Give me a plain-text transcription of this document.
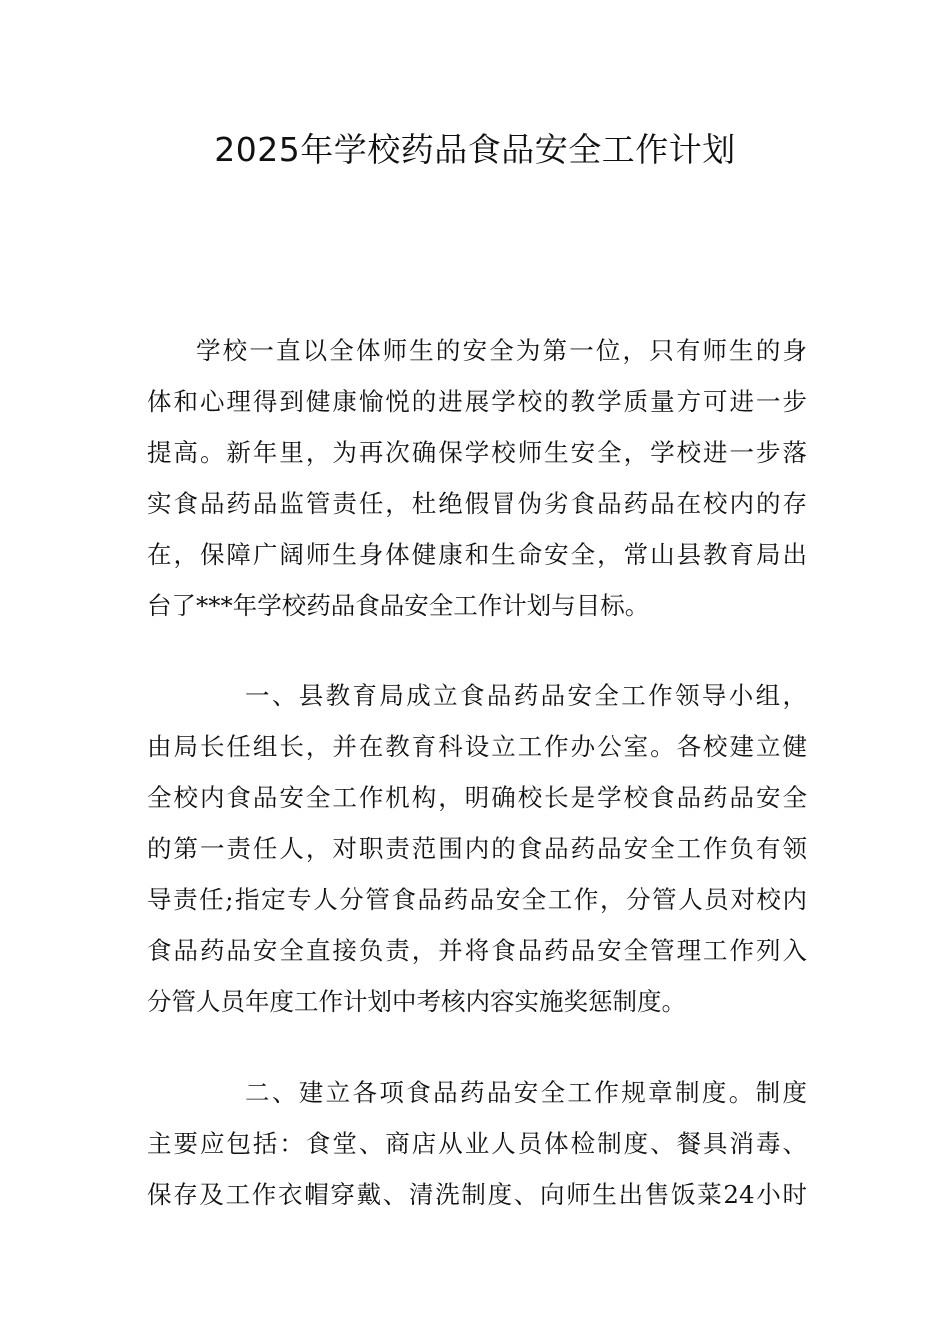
2025年学校药品食品安全工作计划
学校一直以全体师生的安全为第一位，只有师生的身
体和心理得到健康愉悦的进展学校的教学质量方可进一步
提高。新年里，为再次确保学校师生安全，学校进一步落
实食品药品监管责任，杜绝假冒伪劣食品药品在校内的存
在，保障广阔师生身体健康和生命安全，常山县教育局出
台了***年学校药品食品安全工作计划与目标。
一、县教育局成立食品药品安全工作领导小组，
由局长任组长，并在教育科设立工作办公室。各校建立健
全校内食品安全工作机构，明确校长是学校食品药品安全
的第一责任人，对职责范围内的食品药品安全工作负有领
导责任;指定专人分管食品药品安全工作，分管人员对校内
食品药品安全直接负责，并将食品药品安全管理工作列入
分管人员年度工作计划中考核内容实施奖惩制度。
二、建立各项食品药品安全工作规章制度。制度
主要应包括：食堂、商店从业人员体检制度、餐具消毒、
保存及工作衣帽穿戴、清洗制度、向师生出售饭菜24小时
